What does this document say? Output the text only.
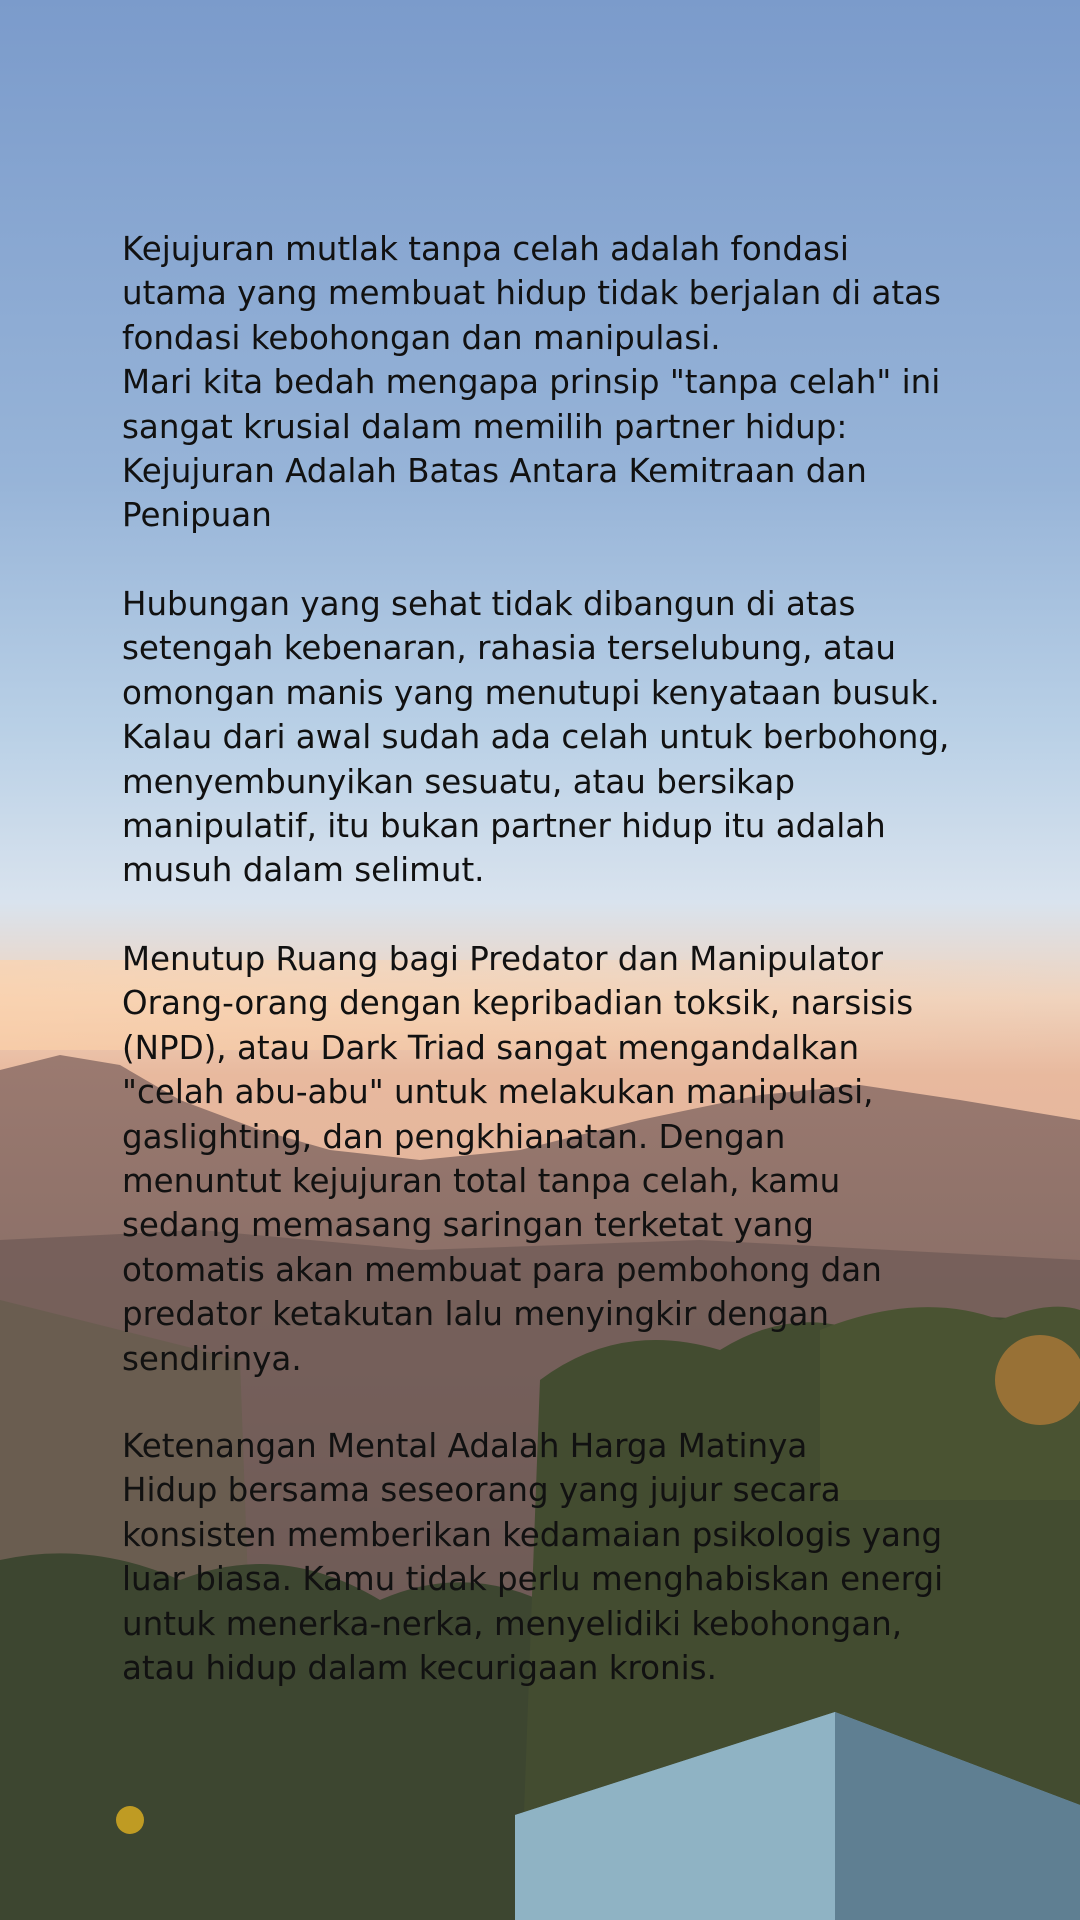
Kejujuran mutlak tanpa celah adalah fondasi
utama yang membuat hidup tidak berjalan di atas
fondasi kebohongan dan manipulasi.
Mari kita bedah mengapa prinsip "tanpa celah" ini
sangat krusial dalam memilih partner hidup:
Kejujuran Adalah Batas Antara Kemitraan dan
Penipuan
Hubungan yang sehat tidak dibangun di atas
setengah kebenaran, rahasia terselubung, atau
omongan manis yang menutupi kenyataan busuk.
Kalau dari awal sudah ada celah untuk berbohong,
menyembunyikan sesuatu, atau bersikap
manipulatif, itu bukan partner hidup itu adalah
musuh dalam selimut.
Menutup Ruang bagi Predator dan Manipulator
Orang-orang dengan kepribadian toksik, narsisis
(NPD), atau Dark Triad sangat mengandalkan
"celah abu-abu" untuk melakukan manipulasi,
gaslighting, dan pengkhianatan. Dengan
menuntut kejujuran total tanpa celah, kamu
sedang memasang saringan terketat yang
otomatis akan membuat para pembohong dan
predator ketakutan lalu menyingkir dengan
sendirinya.
Ketenangan Mental Adalah Harga Matinya
Hidup bersama seseorang yang jujur secara
konsisten memberikan kedamaian psikologis yang
luar biasa. Kamu tidak perlu menghabiskan energi
untuk menerka-nerka, menyelidiki kebohongan,
atau hidup dalam kecurigaan kronis.
